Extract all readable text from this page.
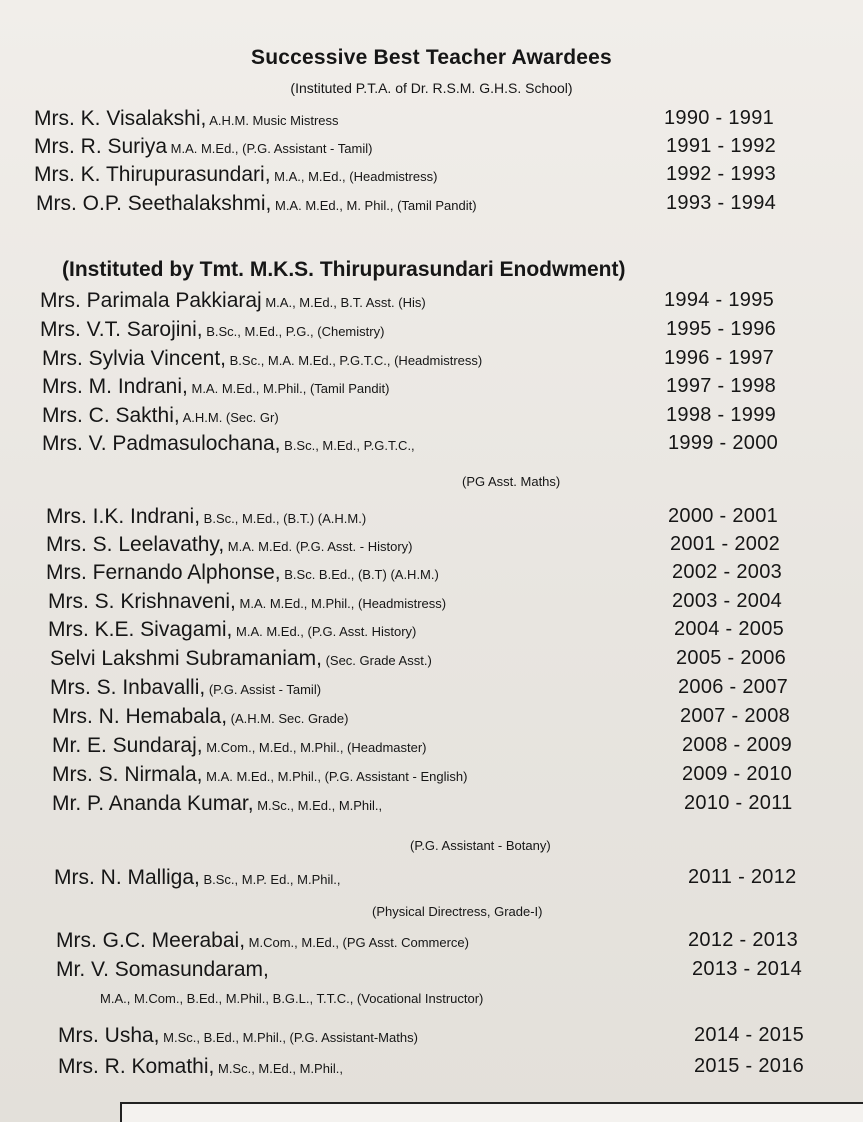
Successive Best Teacher Awardees
(Instituted P.T.A. of Dr. R.S.M. G.H.S. School)
Mrs. K. Visalakshi, A.H.M. Music Mistress	1990 - 1991
Mrs. R. Suriya M.A. M.Ed., (P.G. Assistant - Tamil)	1991 - 1992
Mrs. K. Thirupurasundari, M.A., M.Ed., (Headmistress)	1992 - 1993
Mrs. O.P. Seethalakshmi, M.A. M.Ed., M. Phil., (Tamil Pandit)	1993 - 1994
(Instituted by Tmt. M.K.S. Thirupurasundari Enodwment)
Mrs. Parimala Pakkiaraj M.A., M.Ed., B.T. Asst. (His)	1994 - 1995
Mrs. V.T. Sarojini, B.Sc., M.Ed., P.G., (Chemistry)	1995 - 1996
Mrs. Sylvia Vincent, B.Sc., M.A. M.Ed., P.G.T.C., (Headmistress)	1996 - 1997
Mrs. M. Indrani, M.A. M.Ed., M.Phil., (Tamil Pandit)	1997 - 1998
Mrs. C. Sakthi, A.H.M. (Sec. Gr)	1998 - 1999
Mrs. V. Padmasulochana, B.Sc., M.Ed., P.G.T.C.,	1999 - 2000
(PG Asst. Maths)
Mrs. I.K. Indrani, B.Sc., M.Ed., (B.T.) (A.H.M.)	2000 - 2001
Mrs. S. Leelavathy, M.A. M.Ed. (P.G. Asst. - History)	2001 - 2002
Mrs. Fernando Alphonse, B.Sc. B.Ed., (B.T) (A.H.M.)	2002 - 2003
Mrs. S. Krishnaveni, M.A. M.Ed., M.Phil., (Headmistress)	2003 - 2004
Mrs. K.E. Sivagami, M.A. M.Ed., (P.G. Asst. History)	2004 - 2005
Selvi Lakshmi Subramaniam, (Sec. Grade Asst.)	2005 - 2006
Mrs. S. Inbavalli, (P.G. Assist - Tamil)	2006 - 2007
Mrs. N. Hemabala, (A.H.M. Sec. Grade)	2007 - 2008
Mr. E. Sundaraj, M.Com., M.Ed., M.Phil., (Headmaster)	2008 - 2009
Mrs. S. Nirmala, M.A. M.Ed., M.Phil., (P.G. Assistant - English)	2009 - 2010
Mr. P. Ananda Kumar, M.Sc., M.Ed., M.Phil.,	2010 - 2011
(P.G. Assistant - Botany)
Mrs. N. Malliga, B.Sc., M.P. Ed., M.Phil.,	2011 - 2012
(Physical Directress, Grade-I)
Mrs. G.C. Meerabai, M.Com., M.Ed., (PG Asst. Commerce)	2012 - 2013
Mr. V. Somasundaram,	2013 - 2014
M.A., M.Com., B.Ed., M.Phil., B.G.L., T.T.C., (Vocational Instructor)
Mrs. Usha, M.Sc., B.Ed., M.Phil., (P.G. Assistant-Maths)	2014 - 2015
Mrs. R. Komathi, M.Sc., M.Ed., M.Phil.,	2015 - 2016
